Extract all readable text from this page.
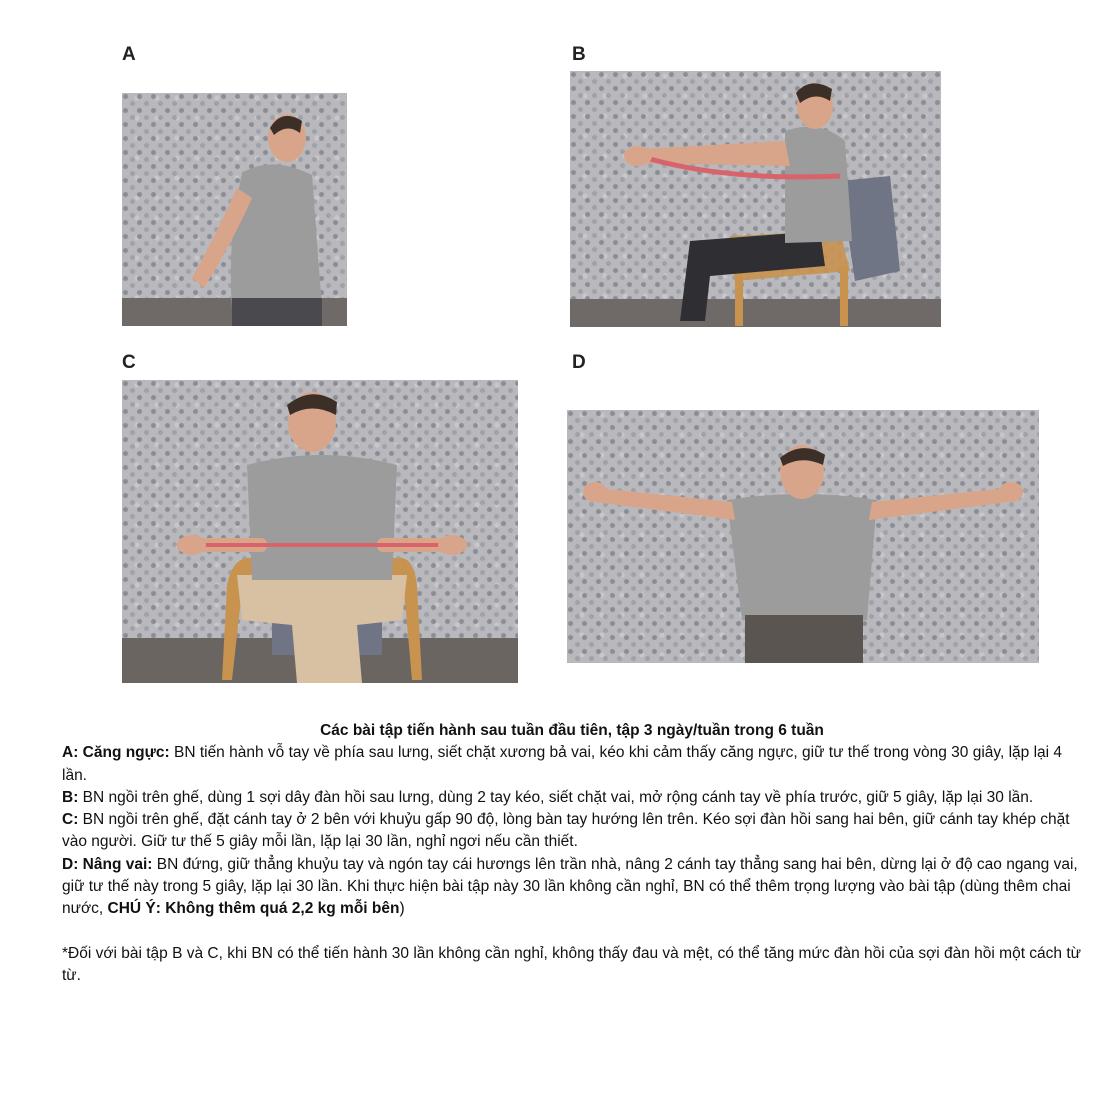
A	B
C	D

Các bài tập tiến hành sau tuần đầu tiên, tập 3 ngày/tuần trong 6 tuần

A: Căng ngực: BN tiến hành vỗ tay về phía sau lưng, siết chặt xương bả vai, kéo khi cảm thấy căng ngực, giữ tư thế trong vòng 30 giây, lặp lại 4 lần.

B: BN ngồi trên ghế, dùng 1 sợi dây đàn hồi sau lưng, dùng 2 tay kéo, siết chặt vai, mở rộng cánh tay về phía trước, giữ 5 giây, lặp lại 30 lần.

C: BN ngồi trên ghế, đặt cánh tay ở 2 bên với khuỷu gấp 90 độ, lòng bàn tay hướng lên trên. Kéo sợi đàn hồi sang hai bên, giữ cánh tay khép chặt vào người. Giữ tư thế 5 giây mỗi lần, lặp lại 30 lần, nghỉ ngơi nếu cần thiết.

D: Nâng vai: BN đứng, giữ thẳng khuỷu tay và ngón tay cái hươngs lên trần nhà, nâng 2 cánh tay thẳng sang hai bên, dừng lại ở độ cao ngang vai, giữ tư thế này trong 5 giây, lặp lại 30 lần. Khi thực hiện bài tập này 30 lần không cần nghỉ, BN có thể thêm trọng lượng vào bài tập (dùng thêm chai nước, CHÚ Ý: Không thêm quá 2,2 kg mỗi bên)

*Đối với bài tập B và C, khi BN có thể tiến hành 30 lần không cần nghỉ, không thấy đau và mệt, có thể tăng mức đàn hồi của sợi đàn hồi một cách từ từ.
